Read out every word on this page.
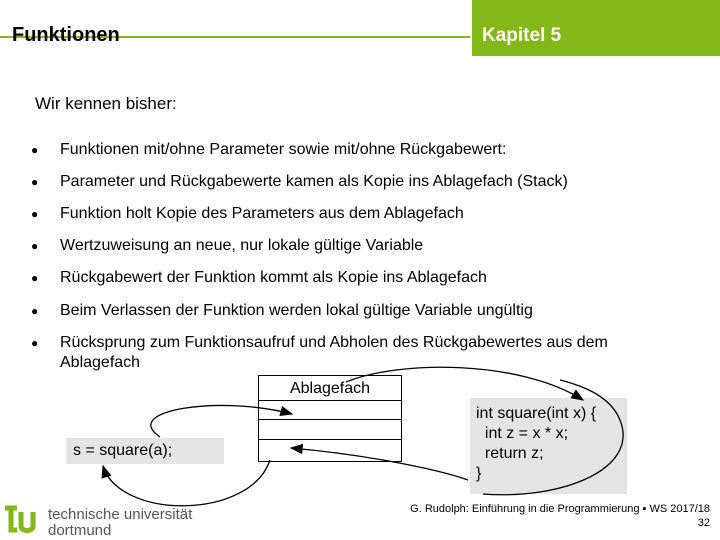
Funktionen	Kapitel 5
Wir kennen bisher:
● Funktionen mit/ohne Parameter sowie mit/ohne Rückgabewert:
● Parameter und Rückgabewerte kamen als Kopie ins Ablagefach (Stack)
● Funktion holt Kopie des Parameters aus dem Ablagefach
● Wertzuweisung an neue, nur lokale gültige Variable
● Rückgabewert der Funktion kommt als Kopie ins Ablagefach
● Beim Verlassen der Funktion werden lokal gültige Variable ungültig
● Rücksprung zum Funktionsaufruf und Abholen des Rückgabewertes aus dem Ablagefach
Ablagefach
s = square(a);
int square(int x) {
int z = x * x;
return z;
}
technische universität
dortmund
G. Rudolph: Einführung in die Programmierung ▪ WS 2017/18
32
